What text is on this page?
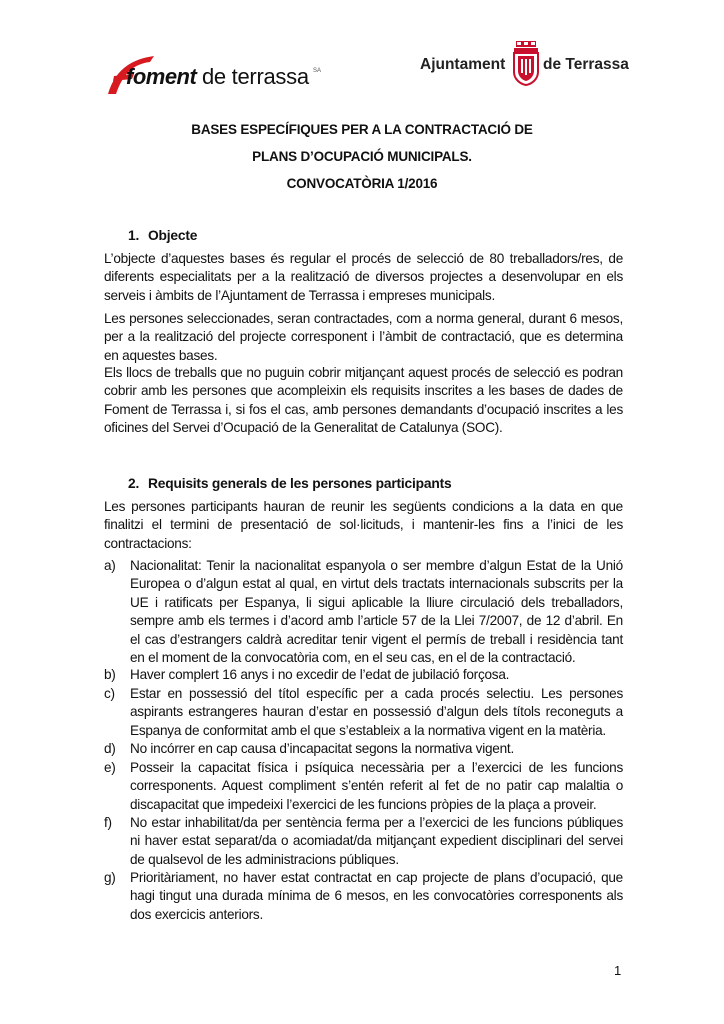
foment de terrassa SA	Ajuntament de Terrassa
BASES ESPECÍFIQUES PER A LA CONTRACTACIÓ DE
PLANS D’OCUPACIÓ MUNICIPALS.
CONVOCATÒRIA 1/2016
1. Objecte
L’objecte d’aquestes bases és regular el procés de selecció de 80 treballadors/res, de diferents especialitats per a la realització de diversos projectes a desenvolupar en els serveis i àmbits de l’Ajuntament de Terrassa i empreses municipals.
Les persones seleccionades, seran contractades, com a norma general, durant 6 mesos, per a la realització del projecte corresponent i l’àmbit de contractació, que es determina en aquestes bases.
Els llocs de treballs que no puguin cobrir mitjançant aquest procés de selecció es podran cobrir amb les persones que acompleixin els requisits inscrites a les bases de dades de Foment de Terrassa i, si fos el cas, amb persones demandants d’ocupació inscrites a les oficines del Servei d’Ocupació de la Generalitat de Catalunya (SOC).
2. Requisits generals de les persones participants
Les persones participants hauran de reunir les següents condicions a la data en que finalitzi el termini de presentació de sol·licituds, i mantenir-les fins a l’inici de les contractacions:
a) Nacionalitat: Tenir la nacionalitat espanyola o ser membre d’algun Estat de la Unió Europea o d’algun estat al qual, en virtut dels tractats internacionals subscrits per la UE i ratificats per Espanya, li sigui aplicable la lliure circulació dels treballadors, sempre amb els termes i d’acord amb l’article 57 de la Llei 7/2007, de 12 d’abril. En el cas d’estrangers caldrà acreditar tenir vigent el permís de treball i residència tant en el moment de la convocatòria com, en el seu cas, en el de la contractació.
b) Haver complert 16 anys i no excedir de l’edat de jubilació forçosa.
c) Estar en possessió del títol específic per a cada procés selectiu. Les persones aspirants estrangeres hauran d’estar en possessió d’algun dels títols reconeguts a Espanya de conformitat amb el que s’estableix a la normativa vigent en la matèria.
d) No incórrer en cap causa d’incapacitat segons la normativa vigent.
e) Posseir la capacitat física i psíquica necessària per a l’exercici de les funcions corresponents. Aquest compliment s’entén referit al fet de no patir cap malaltia o discapacitat que impedeixi l’exercici de les funcions pròpies de la plaça a proveir.
f) No estar inhabilitat/da per sentència ferma per a l’exercici de les funcions públiques ni haver estat separat/da o acomiadat/da mitjançant expedient disciplinari del servei de qualsevol de les administracions públiques.
g) Prioritàriament, no haver estat contractat en cap projecte de plans d’ocupació, que hagi tingut una durada mínima de 6 mesos, en les convocatòries corresponents als dos exercicis anteriors.
1
